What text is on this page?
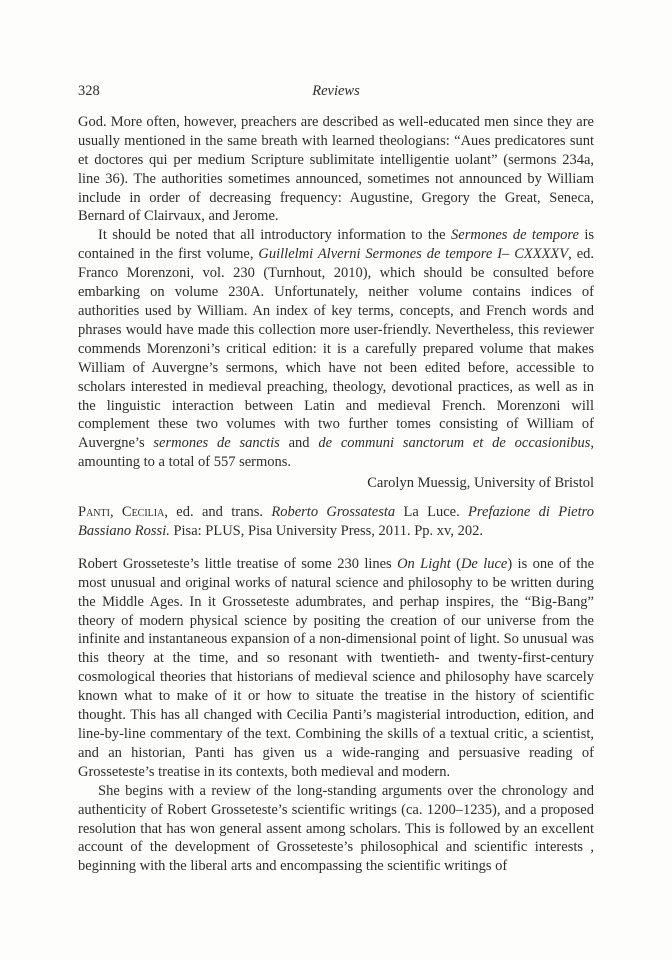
328	Reviews

God. More often, however, preachers are described as well-educated men since they are usually mentioned in the same breath with learned theologians: “Aues predicatores sunt et doctores qui per medium Scripture sublimitate intelligentie uolant” (sermons 234a, line 36). The authorities sometimes announced, sometimes not announced by William include in order of decreasing frequency: Augustine, Gregory the Great, Seneca, Bernard of Clairvaux, and Jerome.

It should be noted that all introductory information to the Sermones de tempore is contained in the first volume, Guillelmi Alverni Sermones de tempore I– CXXXXV, ed. Franco Morenzoni, vol. 230 (Turnhout, 2010), which should be consulted before embarking on volume 230A. Unfortunately, neither volume contains indices of authorities used by William. An index of key terms, concepts, and French words and phrases would have made this collection more user-friendly. Nevertheless, this reviewer commends Morenzoni’s critical edition: it is a carefully prepared volume that makes William of Auvergne’s sermons, which have not been edited before, accessible to scholars interested in medieval preaching, theology, devotional practices, as well as in the linguistic interaction between Latin and medieval French. Morenzoni will complement these two volumes with two further tomes consisting of William of Auvergne’s sermones de sanctis and de communi sanctorum et de occasionibus, amounting to a total of 557 sermons.

Carolyn Muessig, University of Bristol

Panti, Cecilia, ed. and trans. Roberto Grossatesta La Luce. Prefazione di Pietro Bassiano Rossi. Pisa: PLUS, Pisa University Press, 2011. Pp. xv, 202.

Robert Grosseteste’s little treatise of some 230 lines On Light (De luce) is one of the most unusual and original works of natural science and philosophy to be written during the Middle Ages. In it Grosseteste adumbrates, and perhap inspires, the “Big-Bang” theory of modern physical science by positing the creation of our universe from the infinite and instantaneous expansion of a non-dimensional point of light. So unusual was this theory at the time, and so resonant with twentieth- and twenty-first-century cosmological theories that historians of medieval science and philosophy have scarcely known what to make of it or how to situate the treatise in the history of scientific thought. This has all changed with Cecilia Panti’s magisterial introduction, edition, and line-by-line commentary of the text. Combining the skills of a textual critic, a scientist, and an historian, Panti has given us a wide-ranging and persuasive reading of Grosseteste’s treatise in its contexts, both medieval and modern.

She begins with a review of the long-standing arguments over the chronology and authenticity of Robert Grosseteste’s scientific writings (ca. 1200–1235), and a proposed resolution that has won general assent among scholars. This is followed by an excellent account of the development of Grosseteste’s philosophical and scientific interests , beginning with the liberal arts and encompassing the scientific writings of
